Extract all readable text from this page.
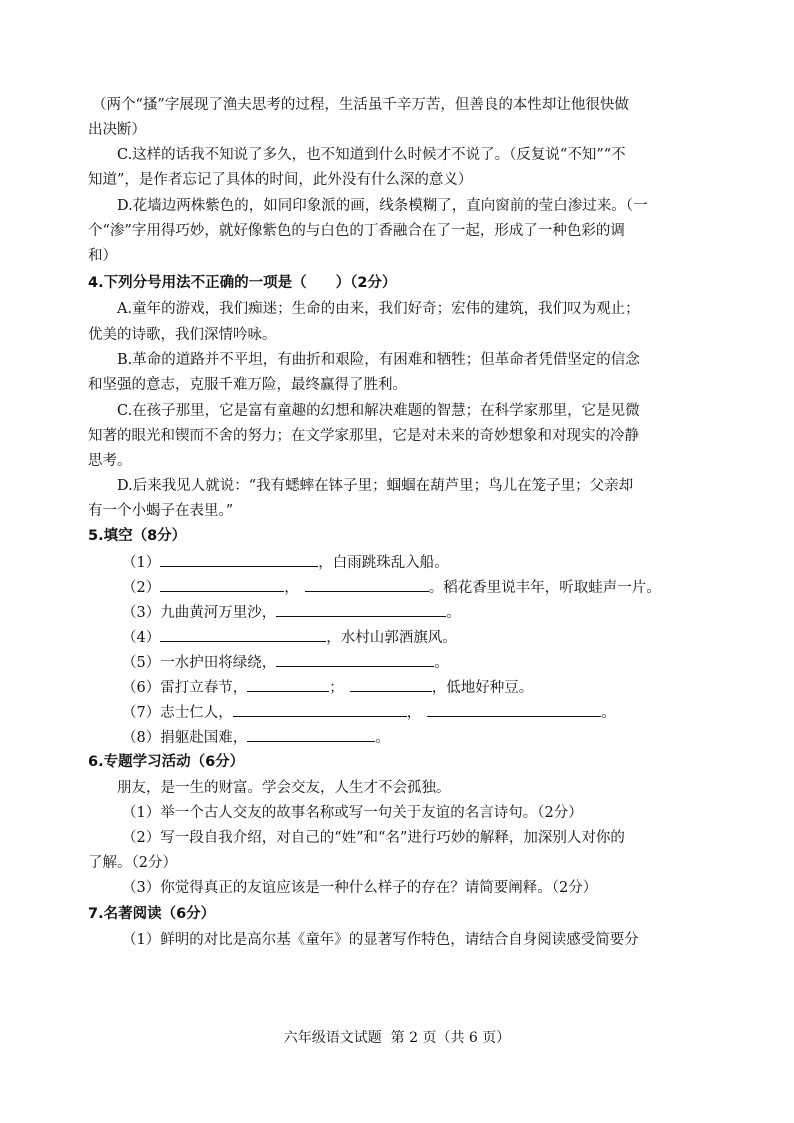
（两个“搔”字展现了渔夫思考的过程，生活虽千辛万苦，但善良的本性却让他很快做
出决断）
C.这样的话我不知说了多久，也不知道到什么时候才不说了。（反复说“不知”“不
知道”，是作者忘记了具体的时间，此外没有什么深的意义）
D.花墙边两株紫色的，如同印象派的画，线条模糊了，直向窗前的莹白渗过来。（一
个“渗”字用得巧妙，就好像紫色的与白色的丁香融合在了一起，形成了一种色彩的调
和）
4.下列分号用法不正确的一项是（　　）（2分）
A.童年的游戏，我们痴迷；生命的由来，我们好奇；宏伟的建筑，我们叹为观止；
优美的诗歌，我们深情吟咏。
B.革命的道路并不平坦，有曲折和艰险，有困难和牺牲；但革命者凭借坚定的信念
和坚强的意志，克服千难万险，最终赢得了胜利。
C.在孩子那里，它是富有童趣的幻想和解决难题的智慧；在科学家那里，它是见微
知著的眼光和锲而不舍的努力；在文学家那里，它是对未来的奇妙想象和对现实的冷静
思考。
D.后来我见人就说：“我有蟋蟀在钵子里；蝈蝈在葫芦里；鸟儿在笼子里；父亲却
有一个小蝎子在表里。”
5.填空（8分）
（1）	，白雨跳珠乱入船。
（2）	，	。稻花香里说丰年，听取蛙声一片。
（3）九曲黄河万里沙，	。
（4）	，水村山郭酒旗风。
（5）一水护田将绿绕，	。
（6）雷打立春节，	；	，低地好种豆。
（7）志士仁人，	，	。
（8）捐躯赴国难，	。
6.专题学习活动（6分）
朋友，是一生的财富。学会交友，人生才不会孤独。
（1）举一个古人交友的故事名称或写一句关于友谊的名言诗句。（2分）
（2）写一段自我介绍，对自己的“姓”和“名”进行巧妙的解释，加深别人对你的
了解。（2分）
（3）你觉得真正的友谊应该是一种什么样子的存在？请简要阐释。（2分）
7.名著阅读（6分）
（1）鲜明的对比是高尔基《童年》的显著写作特色，请结合自身阅读感受简要分
六年级语文试题 第 2 页（共 6 页）
